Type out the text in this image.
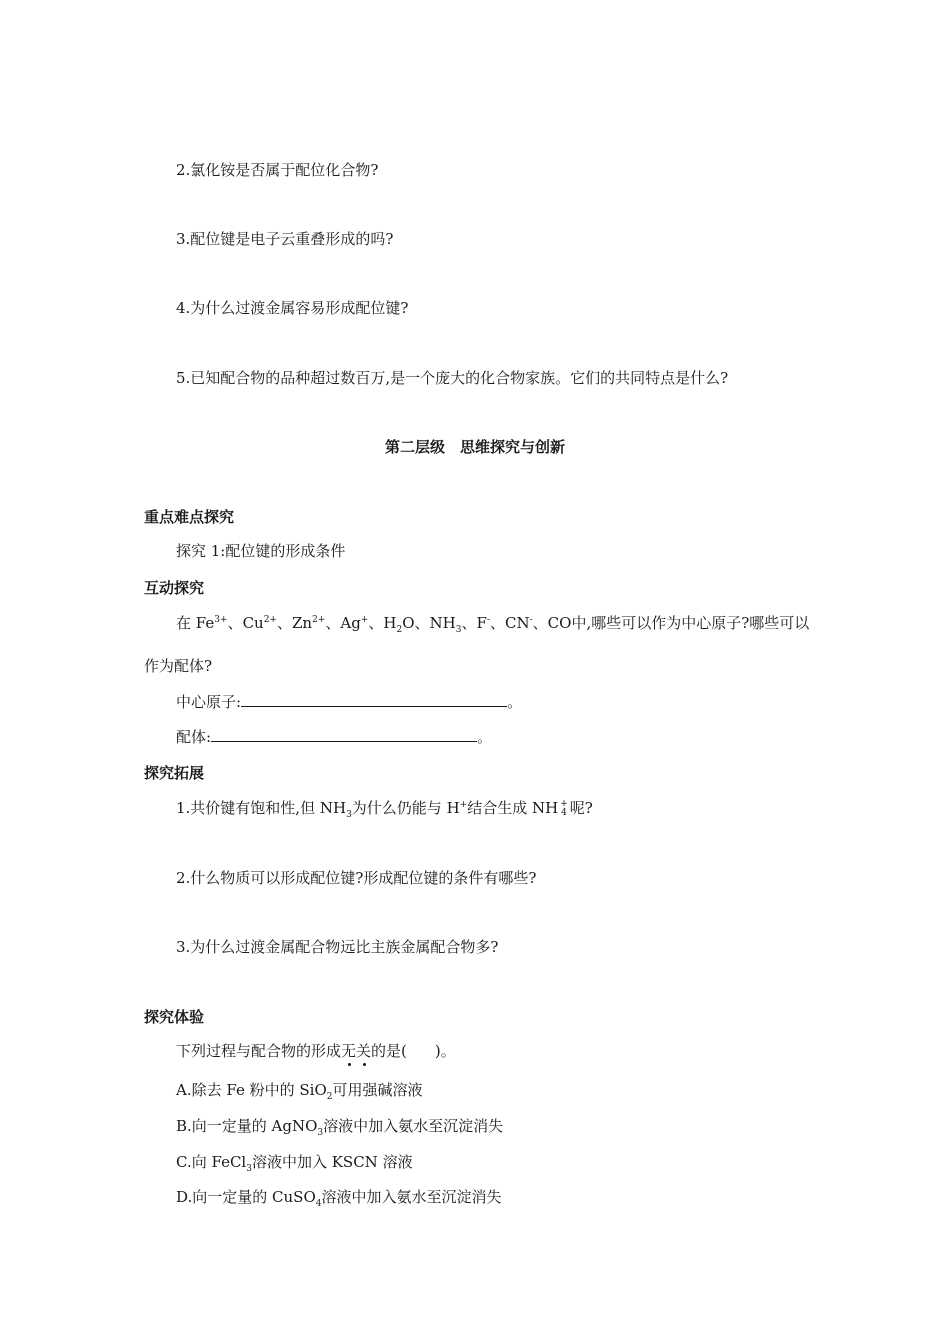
2.氯化铵是否属于配位化合物?
3.配位键是电子云重叠形成的吗?
4.为什么过渡金属容易形成配位键?
5.已知配合物的品种超过数百万,是一个庞大的化合物家族。它们的共同特点是什么?
第二层级　思维探究与创新
重点难点探究
探究 1:配位键的形成条件
互动探究
在 $Fe^{3+}$、$Cu^{2+}$、$Zn^{2+}$、Ag+、$H_2O$、$NH_3$、F-、CN-、CO中,哪些可以作为中心原子?哪些可以
作为配体?
中心原子:	。
配体:	。
探究拓展
1.共价键有饱和性,但 $NH_3$为什么仍能与 H+结合生成 NH +
4 呢?
2.什么物质可以形成配位键?形成配位键的条件有哪些?
3.为什么过渡金属配合物远比主族金属配合物多?
探究体验
下列过程与配合物的形成无关的是( )。
A.除去 Fe 粉中的 SiO$_2$可用强碱溶液
B.向一定量的 AgNO$_3$溶液中加入氨水至沉淀消失
C.向 FeCl$_3$溶液中加入 KSCN 溶液
D.向一定量的 CuSO$_4$溶液中加入氨水至沉淀消失
